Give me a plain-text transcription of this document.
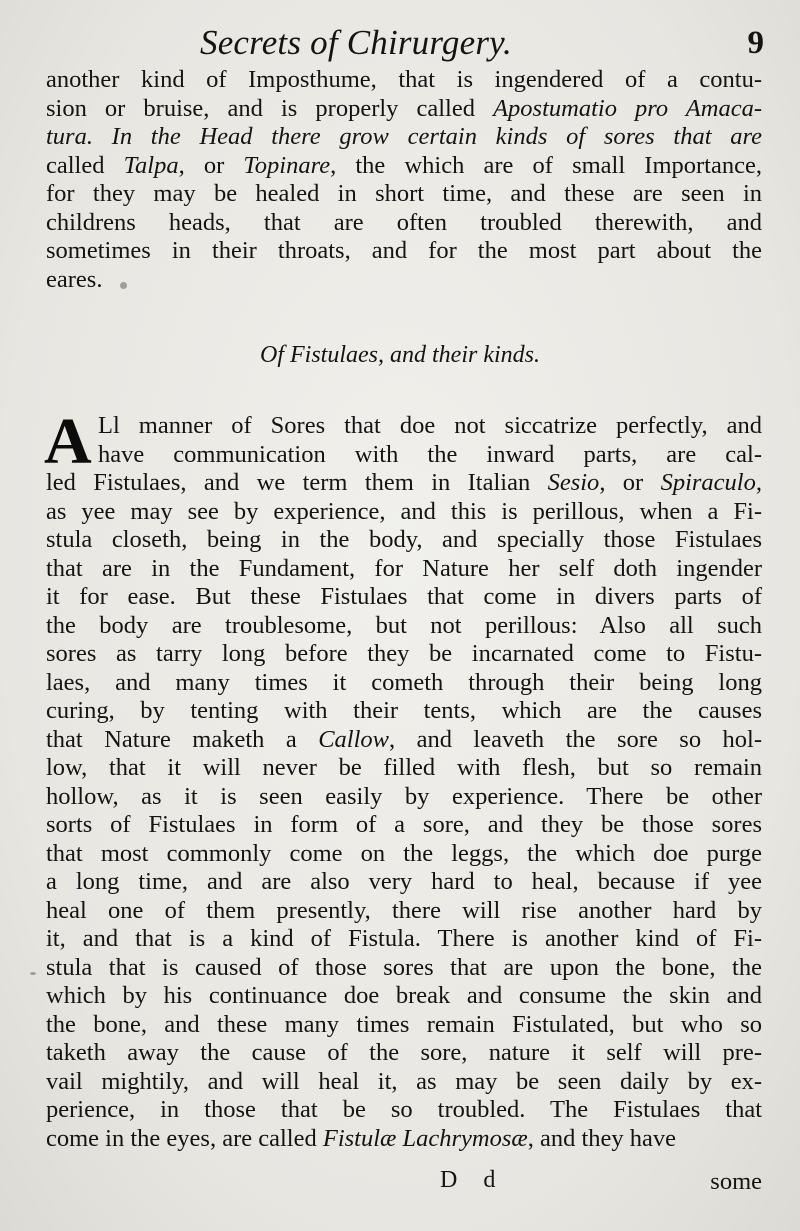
Secrets of Chirurgery.	9
another kind of Imposthume, that is ingendered of a contu-
sion or bruise, and is properly called Apostumatio pro Amaca-
tura. In the Head there grow certain kinds of sores that are
called Talpa, or Topinare, the which are of small Importance,
for they may be healed in short time, and these are seen in
childrens heads, that are often troubled therewith, and
sometimes in their throats, and for the most part about the
eares.
Of Fistulaes, and their kinds.
A Ll manner of Sores that doe not siccatrize perfectly, and
have communication with the inward parts, are cal-
led Fistulaes, and we term them in Italian Sesio, or Spiraculo,
as yee may see by experience, and this is perillous, when a Fi-
stula closeth, being in the body, and specially those Fistulaes
that are in the Fundament, for Nature her self doth ingender
it for ease. But these Fistulaes that come in divers parts of
the body are troublesome, but not perillous: Also all such
sores as tarry long before they be incarnated come to Fistu-
laes, and many times it cometh through their being long
curing, by tenting with their tents, which are the causes
that Nature maketh a Callow, and leaveth the sore so hol-
low, that it will never be filled with flesh, but so remain
hollow, as it is seen easily by experience. There be other
sorts of Fistulaes in form of a sore, and they be those sores
that most commonly come on the leggs, the which doe purge
a long time, and are also very hard to heal, because if yee
heal one of them presently, there will rise another hard by
it, and that is a kind of Fistula. There is another kind of Fi-
stula that is caused of those sores that are upon the bone, the
which by his continuance doe break and consume the skin and
the bone, and these many times remain Fistulated, but who so
taketh away the cause of the sore, nature it self will pre-
vail mightily, and will heal it, as may be seen daily by ex-
perience, in those that be so troubled. The Fistulaes that
come in the eyes, are called Fistulæ Lachrymosæ, and they have
D d	some
